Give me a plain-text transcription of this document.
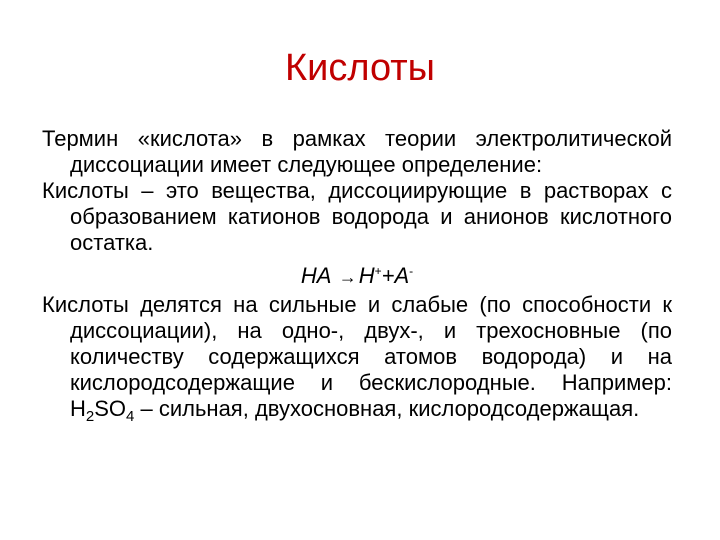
Кислоты

Термин «кислота» в рамках теории электролитической диссоциации имеет следующее определение:

Кислоты – это вещества, диссоциирующие в растворах с образованием катионов водорода и анионов кислотного остатка.

HA →H++A-

Кислоты делятся на сильные и слабые (по способности к диссоциации), на одно-, двух-, и трехосновные (по количеству содержащихся атомов водорода) и на кислородсодержащие и бескислородные. Например: $H_2SO_4$ – сильная, двухосновная, кислородсодержащая.
